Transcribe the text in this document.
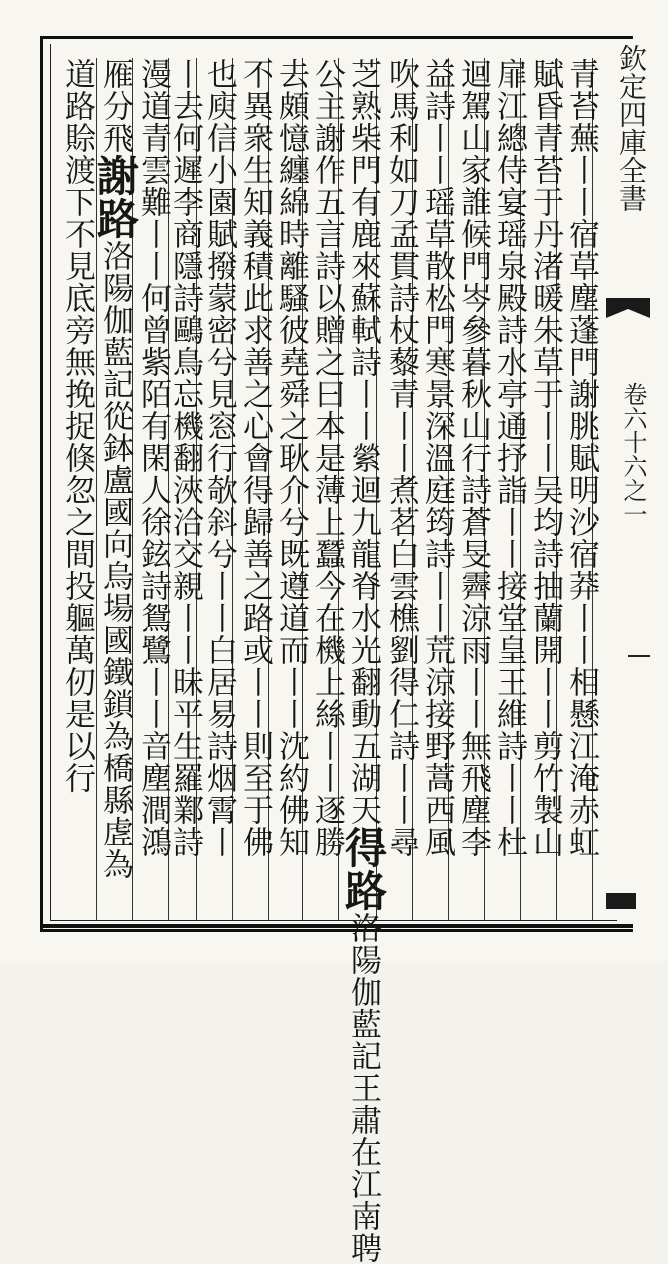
青苔蕪丨丨宿草塵蓬門謝朓賦明沙宿莽丨丨相懸江淹赤虹
賦昏青苔于丹渚暖朱草于丨丨吴均詩抽蘭開丨丨剪竹製山
扉江總侍宴瑶泉殿詩水亭通抒詣丨丨接堂皇王維詩丨丨杜
迴駕山家誰候門岑參暮秋山行詩蒼旻霽涼雨丨丨無飛塵李
益詩丨丨瑶草散松門寒景深溫庭筠詩丨丨荒涼接野蒿西風
吹馬利如刀孟貫詩杖藜青丨丨煮茗白雲樵劉得仁詩丨丨尋
芝熟柴門有鹿來蘇軾詩丨丨縈迴九龍脊水光翻動五湖天得路洛陽伽藍記王肅在江南聘
公主謝作五言詩以贈之曰本是薄上蠶今在機上絲丨丨逐勝
去頗憶纏綿時離騷彼堯舜之耿介兮既遵道而丨丨沈約佛知
不異衆生知義積此求善之心會得歸善之路或丨丨則至于佛
也庾信小園賦撥蒙密兮見窓行欹斜兮丨丨白居易詩烟霄丨
丨去何遲李商隱詩鷗鳥忘機翻浹洽交親丨丨昧平生羅鄴詩
漫道青雲難丨丨何曾紫陌有閑人徐鉉詩鴛鷺丨丨音塵澗鴻
雁分飛謝路洛陽伽藍記從鉢盧國向烏場國鐵鎖為橋縣虗為
道路賒渡下不見底旁無挽捉倏忽之間投軀萬仞是以行
欽定四庫全書
卷六十六之一
